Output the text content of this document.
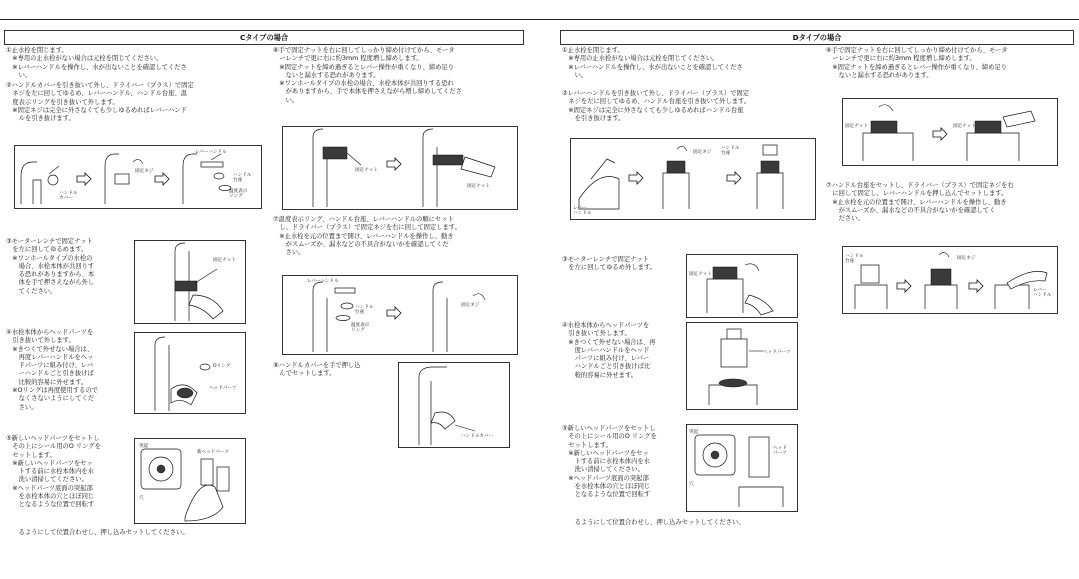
Cタイプの場合
①止水栓を閉じます。
　※専用の止水栓がない場合は元栓を閉じてください。
　※レバーハンドルを操作し、水が出ないことを確認してくださ
　　い。
②ハンドルカバーを引き抜いて外し、ドライバー（プラス）で固定
　ネジを左に回してゆるめ、レバーハンドル、ハンドル台座、温
　度表示リングを引き抜いて外します。
　※固定ネジは完全に外さなくても少しゆるめればレバーハンド
　　ルを引き抜けます。
レバーハンドル
固定ネジ
ハンドル
台座
温度表示
リング
ハンドル
カバー
③モーターレンチで固定ナット
　を左に回してゆるめます。
　※ワンホールタイプの水栓の
　　場合、水栓本体が共回りす
　　る恐れがありますから、本
　　体を手で押さえながら外し
　　てください。
固定ナット
④水栓本体からヘッドパーツを
　引き抜いて外します。
　※きつくて外せない場合は、
　　再度レバーハンドルをヘッ
　　ドパーツに組み付け、レバ
　　ーハンドルごと引き抜けば
　　比較的容易に外せます。
　※Oリングは再度使用するので
　　なくさないようにしてくだ
　　さい。
Oリング
ヘッドパーツ
⑤新しいヘッドパーツをセットし
　その上にシール用のO リングを
　セットします。
　※新しいヘッドパーツをセッ
　　トする前に水栓本体内を水
　　洗い清掃してください。
　※ヘッドパーツ底面の突起部
　　を水栓本体の穴とほぼ同じ
　　となるような位置で回転す
　　るようにして位置合わせし、押し込みセットしてください。
突起
穴
新ヘッドパーツ
⑥手で固定ナットを右に回してしっかり締め付けてから、モータ
　ーレンチで更に右に約3mm 程度増し締めします。
　※固定ナットを締め過ぎるとレバー操作が重くなり、締め足り
　　ないと漏水する恐れがあります。
　※ワンホールタイプの水栓の場合、水栓本体が共回りする恐れ
　　がありますから、手で本体を押さえながら増し締めしてくださ
　　い。
固定ナット
固定ナット
⑦温度表示リング、ハンドル台座、レバーハンドルの順にセット
　し、ドライバー（プラス）で固定ネジを右に回して固定します。
　※止水栓を元の位置まで開け、レバーハンドルを操作し、動き
　　がスムーズか、漏水などの不具合がないかを確認してくだ
　　さい。
レバーハンドル
ハンドル
台座
温度表示
リング
固定ネジ
⑧ハンドルカバーを手で押し込
　んでセットします。
ハンドルカバー
Dタイプの場合
①止水栓を閉じます。
　※専用の止水栓がない場合は元栓を閉じてください。
　※レバーハンドルを操作し、水が出ないことを確認してくださ
　　い。
②レバーハンドルを引き抜いて外し、ドライバー（プラス）で固定
　ネジを左に回してゆるめ、ハンドル台座を引き抜いて外します。
　※固定ネジは完全に外さなくても少しゆるめればハンドル台座
　　を引き抜けます。
レバー
ハンドル
固定ネジ
ハンドル
台座
③モーターレンチで固定ナット
　を左に回してゆるめ外します。
固定ナット
④水栓本体からヘッドパーツを
　引き抜いて外します。
　※きつくて外せない場合は、再
　　度レバーハンドルをヘッド
　　パーツに組み付け、レバー
　　ハンドルごと引き抜けば比
　　較的容易に外せます。
ヘッドパーツ
⑤新しいヘッドパーツをセットし
　その上にシール用のO リングを
　セットします。
　※新しいヘッドパーツをセッ
　　トする前に水栓本体内を水
　　洗い清掃してください。
　※ヘッドパーツ底面の突起部
　　を水栓本体の穴とほぼ同じ
　　となるような位置で回転す
　　るようにして位置合わせし、押し込みセットしてください。
突起
穴
ヘッド
パーツ
⑥手で固定ナットを右に回してしっかり締め付けてから、モータ
　ーレンチで更に右に約3mm 程度増し締めします。
　※固定ナットを締め過ぎるとレバー操作が重くなり、締め足り
　　ないと漏水する恐れがあります。
固定ナット	固定ナット
⑦ハンドル台座をセットし、ドライバー（プラス）で固定ネジを右
　に回して固定し、レバーハンドルを押し込んでセットします。
　※止水栓を元の位置まで開け、レバーハンドルを操作し、動き
　　がスムーズか、漏水などの不具合がないかを確認してく
　　ださい。
ハンドル
台座
固定ネジ
レバー
ハンドル
